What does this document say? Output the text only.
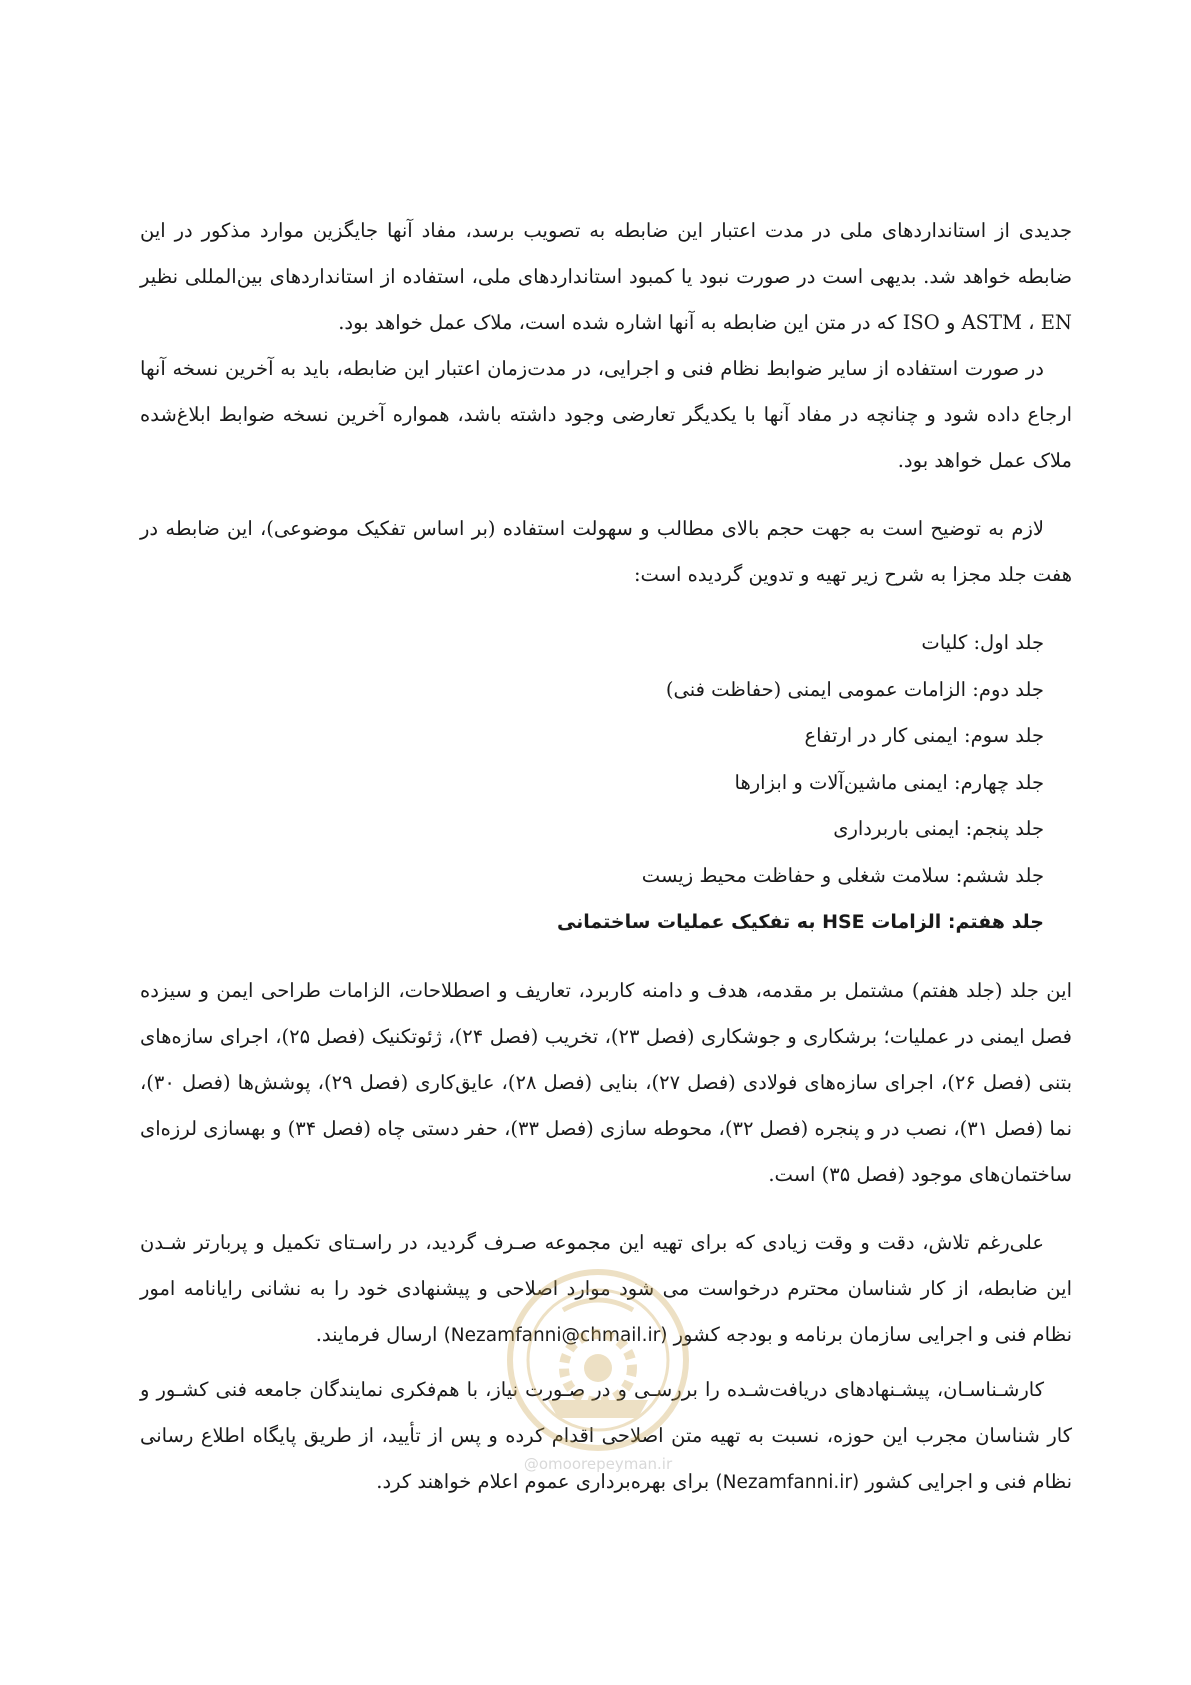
جدیدی از استانداردهای ملی در مدت اعتبار این ضابطه به تصویب برسد، مفاد آنها جایگزین موارد مذکور در این ضابطه خواهد شد. بدیهی است در صورت نبود یا کمبود استانداردهای ملی، استفاده از استانداردهای بین‌المللی نظیر ASTM ، EN و ISO که در متن این ضابطه به آنها اشاره شده است، ملاک عمل خواهد بود.

در صورت استفاده از سایر ضوابط نظام فنی و اجرایی، در مدت‌زمان اعتبار این ضابطه، باید به آخرین نسخه آنها ارجاع داده شود و چنانچه در مفاد آنها با یکدیگر تعارضی وجود داشته باشد، همواره آخرین نسخه ضوابط ابلاغ‌شده ملاک عمل خواهد بود.

لازم به توضیح است به جهت حجم بالای مطالب و سهولت استفاده (بر اساس تفکیک موضوعی)، این ضابطه در هفت جلد مجزا به شرح زیر تهیه و تدوین گردیده است:

جلد اول: کلیات
جلد دوم: الزامات عمومی ایمنی (حفاظت فنی)
جلد سوم: ایمنی کار در ارتفاع
جلد چهارم: ایمنی ماشین‌آلات و ابزارها
جلد پنجم: ایمنی باربرداری
جلد ششم: سلامت شغلی و حفاظت محیط زیست
جلد هفتم: الزامات HSE به تفکیک عملیات ساختمانی

این جلد (جلد هفتم) مشتمل بر مقدمه، هدف و دامنه کاربرد، تعاریف و اصطلاحات، الزامات طراحی ایمن و سیزده فصل ایمنی در عملیات؛ برشکاری و جوشکاری (فصل ۲۳)، تخریب (فصل ۲۴)، ژئوتکنیک (فصل ۲۵)، اجرای سازه‌های بتنی (فصل ۲۶)، اجرای سازه‌های فولادی (فصل ۲۷)، بنایی (فصل ۲۸)، عایق‌کاری (فصل ۲۹)، پوشش‌ها (فصل ۳۰)، نما (فصل ۳۱)، نصب در و پنجره (فصل ۳۲)، محوطه سازی (فصل ۳۳)، حفر دستی چاه (فصل ۳۴) و بهسازی لرزه‌ای ساختمان‌های موجود (فصل ۳۵) است.

علی‌رغم تلاش، دقت و وقت زیادی که برای تهیه این مجموعه صـرف گردید، در راسـتای تکمیل و پربارتر شـدن این ضابطه، از کار شناسان محترم درخواست می شود موارد اصلاحی و پیشنهادی خود را به نشانی رایانامه امور نظام فنی و اجرایی سازمان برنامه و بودجه کشور (Nezamfanni@chmail.ir) ارسال فرمایند.

کارشـناسـان، پیشـنهادهای دریافت‌شـده را بررسـی و در صـورت نیاز، با هم‌فکری نمایندگان جامعه فنی کشـور و کار شناسان مجرب این حوزه، نسبت به تهیه متن اصلاحی اقدام کرده و پس از تأیید، از طریق پایگاه اطلاع رسانی نظام فنی و اجرایی کشور (Nezamfanni.ir) برای بهره‌برداری عموم اعلام خواهند کرد.

@omoorepeyman.ir
